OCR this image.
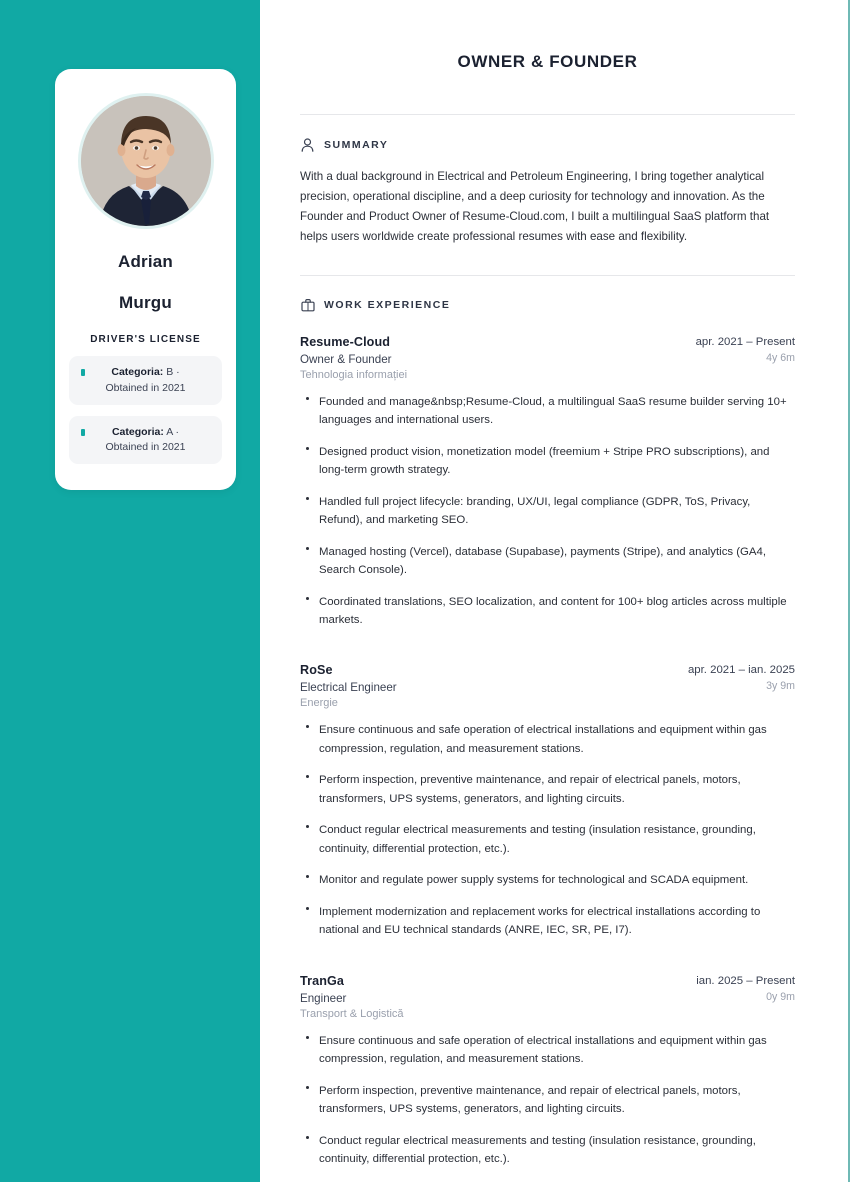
Adrian
Murgu
DRIVER'S LICENSE
Categoria: B ·
Obtained in 2021
Categoria: A ·
Obtained in 2021
OWNER & FOUNDER
SUMMARY
With a dual background in Electrical and Petroleum Engineering, I bring together analytical precision, operational discipline, and a deep curiosity for technology and innovation. As the Founder and Product Owner of Resume-Cloud.com, I built a multilingual SaaS platform that helps users worldwide create professional resumes with ease and flexibility.
WORK EXPERIENCE
Resume-Cloud
Owner & Founder
Tehnologia informației
apr. 2021 – Present
4y 6m
Founded and manage&nbsp;Resume-Cloud, a multilingual SaaS resume builder serving 10+ languages and international users.
Designed product vision, monetization model (freemium + Stripe PRO subscriptions), and long-term growth strategy.
Handled full project lifecycle: branding, UX/UI, legal compliance (GDPR, ToS, Privacy, Refund), and marketing SEO.
Managed hosting (Vercel), database (Supabase), payments (Stripe), and analytics (GA4, Search Console).
Coordinated translations, SEO localization, and content for 100+ blog articles across multiple markets.
RoSe
Electrical Engineer
Energie
apr. 2021 – ian. 2025
3y 9m
Ensure continuous and safe operation of electrical installations and equipment within gas compression, regulation, and measurement stations.
Perform inspection, preventive maintenance, and repair of electrical panels, motors, transformers, UPS systems, generators, and lighting circuits.
Conduct regular electrical measurements and testing (insulation resistance, grounding, continuity, differential protection, etc.).
Monitor and regulate power supply systems for technological and SCADA equipment.
Implement modernization and replacement works for electrical installations according to national and EU technical standards (ANRE, IEC, SR, PE, I7).
TranGa
Engineer
Transport & Logistică
ian. 2025 – Present
0y 9m
Ensure continuous and safe operation of electrical installations and equipment within gas compression, regulation, and measurement stations.
Perform inspection, preventive maintenance, and repair of electrical panels, motors, transformers, UPS systems, generators, and lighting circuits.
Conduct regular electrical measurements and testing (insulation resistance, grounding, continuity, differential protection, etc.).
